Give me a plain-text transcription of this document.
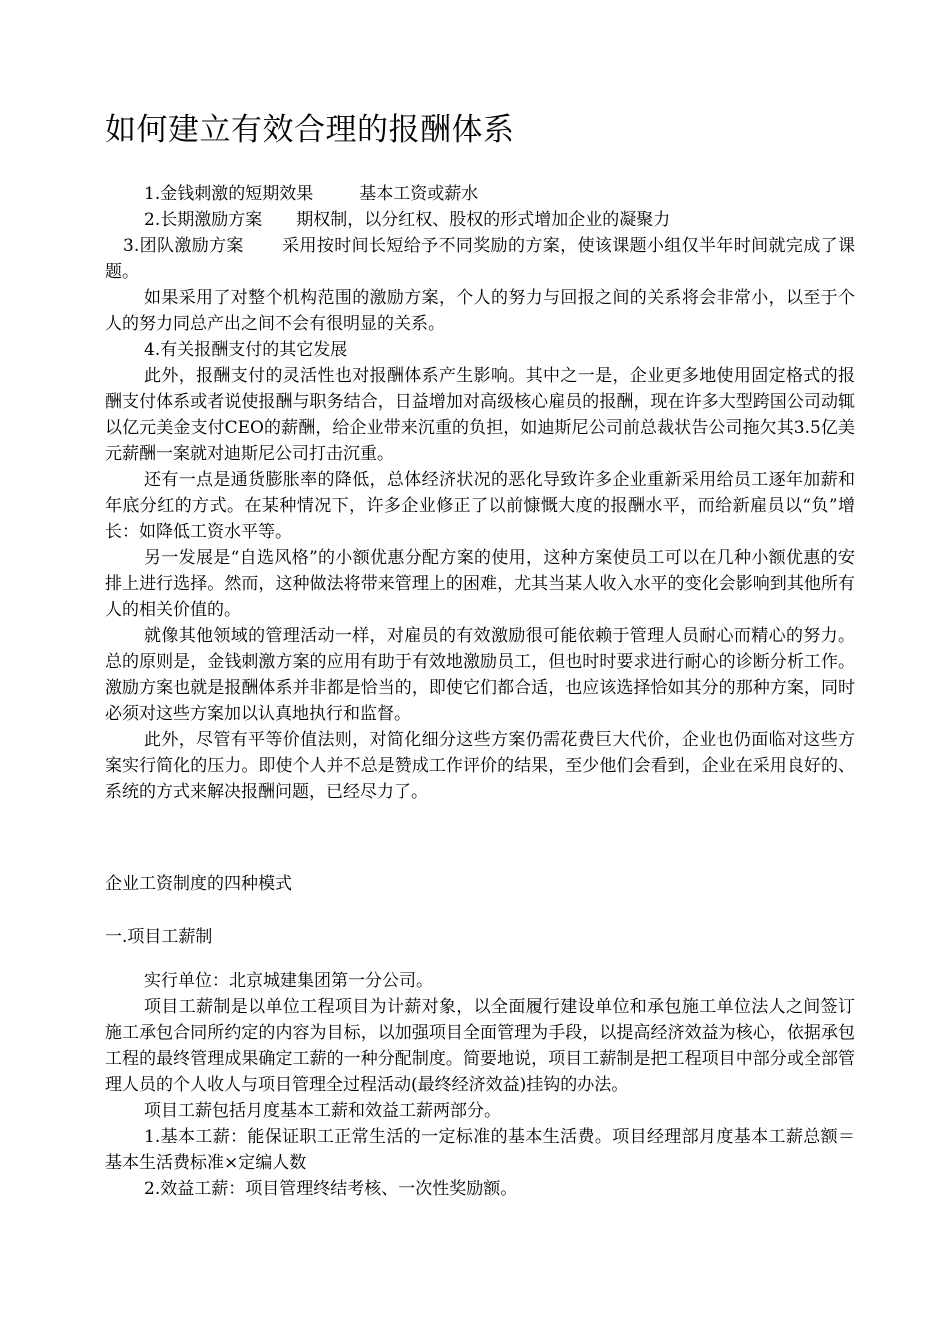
如何建立有效合理的报酬体系

1.金钱刺激的短期效果	基本工资或薪水

2.长期激励方案 期权制，以分红权、股权的形式增加企业的凝聚力

3.团队激励方案 采用按时间长短给予不同奖励的方案，使该课题小组仅半年时间就完成了课题。

如果采用了对整个机构范围的激励方案，个人的努力与回报之间的关系将会非常小，以至于个人的努力同总产出之间不会有很明显的关系。

4.有关报酬支付的其它发展

此外，报酬支付的灵活性也对报酬体系产生影响。其中之一是，企业更多地使用固定格式的报酬支付体系或者说使报酬与职务结合，日益增加对高级核心雇员的报酬，现在许多大型跨国公司动辄以亿元美金支付CEO的薪酬，给企业带来沉重的负担，如迪斯尼公司前总裁状告公司拖欠其3.5亿美元薪酬一案就对迪斯尼公司打击沉重。

还有一点是通货膨胀率的降低，总体经济状况的恶化导致许多企业重新采用给员工逐年加薪和年底分红的方式。在某种情况下，许多企业修正了以前慷慨大度的报酬水平，而给新雇员以“负”增长：如降低工资水平等。

另一发展是“自选风格”的小额优惠分配方案的使用，这种方案使员工可以在几种小额优惠的安排上进行选择。然而，这种做法将带来管理上的困难，尤其当某人收入水平的变化会影响到其他所有人的相关价值的。

就像其他领域的管理活动一样，对雇员的有效激励很可能依赖于管理人员耐心而精心的努力。总的原则是，金钱刺激方案的应用有助于有效地激励员工，但也时时要求进行耐心的诊断分析工作。激励方案也就是报酬体系并非都是恰当的，即使它们都合适，也应该选择恰如其分的那种方案，同时必须对这些方案加以认真地执行和监督。

此外，尽管有平等价值法则，对简化细分这些方案仍需花费巨大代价，企业也仍面临对这些方案实行简化的压力。即使个人并不总是赞成工作评价的结果，至少他们会看到，企业在采用良好的、系统的方式来解决报酬问题，已经尽力了。

企业工资制度的四种模式
一.项目工薪制

实行单位：北京城建集团第一分公司。

项目工薪制是以单位工程项目为计薪对象，以全面履行建设单位和承包施工单位法人之间签订施工承包合同所约定的内容为目标，以加强项目全面管理为手段，以提高经济效益为核心，依据承包工程的最终管理成果确定工薪的一种分配制度。简要地说，项目工薪制是把工程项目中部分或全部管理人员的个人收人与项目管理全过程活动(最终经济效益)挂钩的办法。

项目工薪包括月度基本工薪和效益工薪两部分。

1.基本工薪：能保证职工正常生活的一定标准的基本生活费。项目经理部月度基本工薪总额＝基本生活费标准×定编人数

2.效益工薪：项目管理终结考核、一次性奖励额。
